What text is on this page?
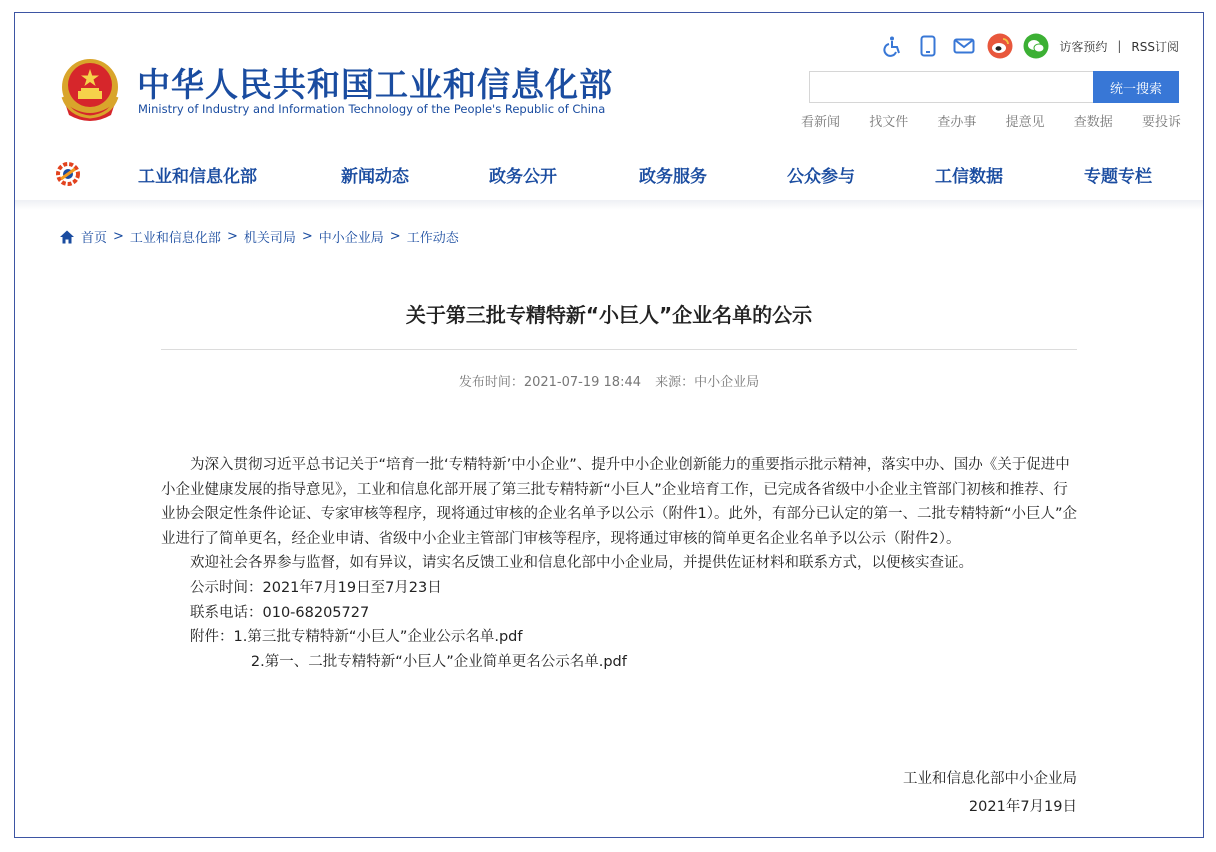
中华人民共和国工业和信息化部
Ministry of Industry and Information Technology of the People's Republic of China
访客预约 | RSS订阅
统一搜索
看新闻 找文件 查办事 提意见 查数据 要投诉
工业和信息化部	新闻动态	政务公开	政务服务	公众参与	工信数据	专题专栏
首页 > 工业和信息化部 > 机关司局 > 中小企业局 > 工作动态
关于第三批专精特新“小巨人”企业名单的公示
发布时间：2021-07-19 18:44 来源：中小企业局

为深入贯彻习近平总书记关于“培育一批‘专精特新’中小企业”、提升中小企业创新能力的重要指示批示精神，落实中办、国办《关于促进中小企业健康发展的指导意见》，工业和信息化部开展了第三批专精特新“小巨人”企业培育工作，已完成各省级中小企业主管部门初核和推荐、行业协会限定性条件论证、专家审核等程序，现将通过审核的企业名单予以公示（附件1）。此外，有部分已认定的第一、二批专精特新“小巨人”企业进行了简单更名，经企业申请、省级中小企业主管部门审核等程序，现将通过审核的简单更名企业名单予以公示（附件2）。

欢迎社会各界参与监督，如有异议，请实名反馈工业和信息化部中小企业局，并提供佐证材料和联系方式，以便核实查证。

公示时间：2021年7月19日至7月23日

联系电话：010-68205727

附件：1.第三批专精特新“小巨人”企业公示名单.pdf

2.第一、二批专精特新“小巨人”企业简单更名公示名单.pdf

工业和信息化部中小企业局
2021年7月19日
